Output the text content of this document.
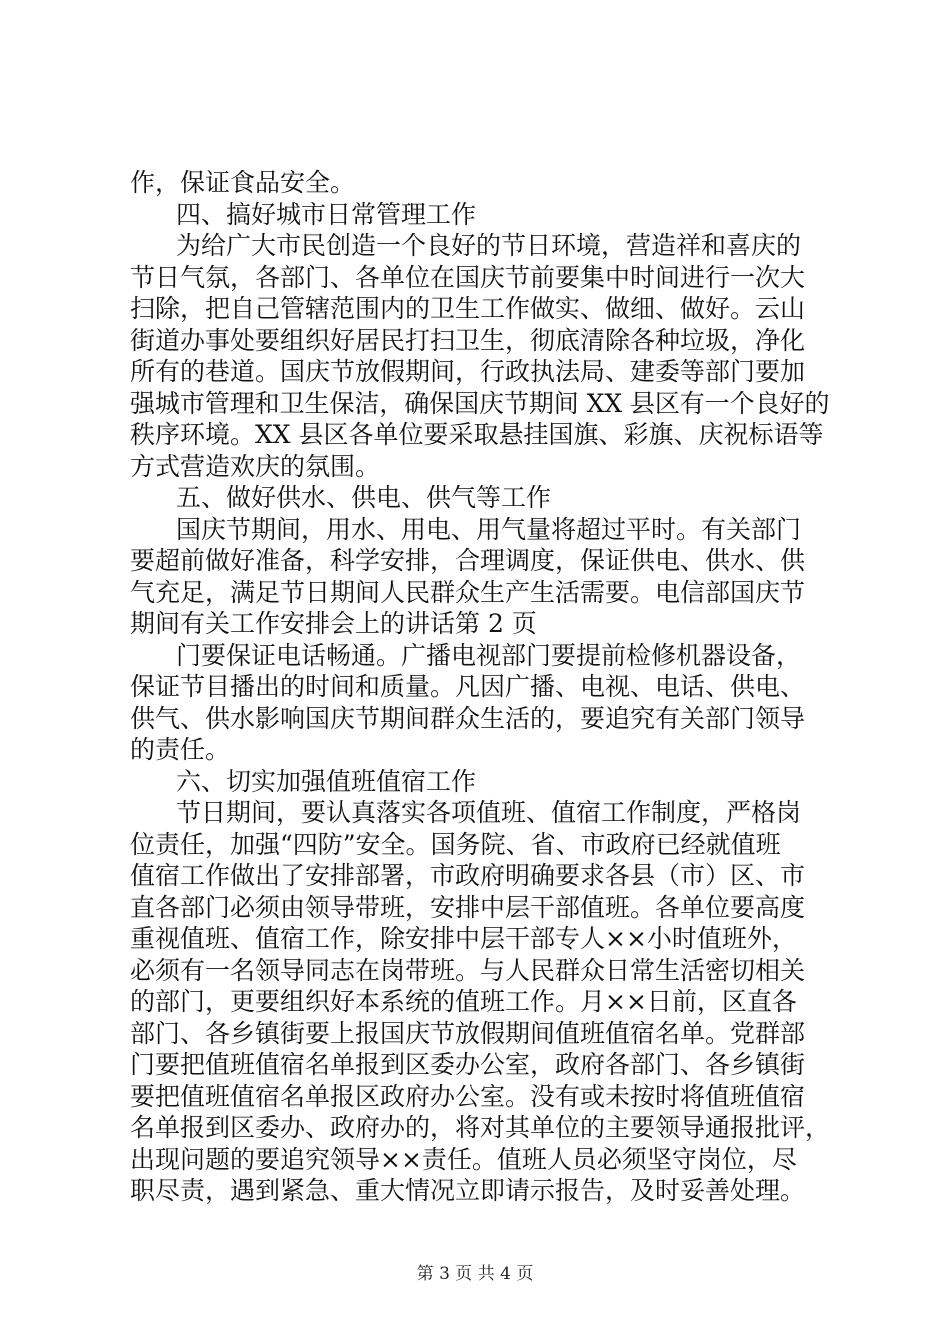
作，保证食品安全。
四、搞好城市日常管理工作
为给广大市民创造一个良好的节日环境，营造祥和喜庆的
节日气氛，各部门、各单位在国庆节前要集中时间进行一次大
扫除，把自己管辖范围内的卫生工作做实、做细、做好。云山
街道办事处要组织好居民打扫卫生，彻底清除各种垃圾，净化
所有的巷道。国庆节放假期间，行政执法局、建委等部门要加
强城市管理和卫生保洁，确保国庆节期间 XX 县区有一个良好的
秩序环境。XX 县区各单位要采取悬挂国旗、彩旗、庆祝标语等
方式营造欢庆的氛围。
五、做好供水、供电、供气等工作
国庆节期间，用水、用电、用气量将超过平时。有关部门
要超前做好准备，科学安排，合理调度，保证供电、供水、供
气充足，满足节日期间人民群众生产生活需要。电信部国庆节
期间有关工作安排会上的讲话第 2 页
门要保证电话畅通。广播电视部门要提前检修机器设备，
保证节目播出的时间和质量。凡因广播、电视、电话、供电、
供气、供水影响国庆节期间群众生活的，要追究有关部门领导
的责任。
六、切实加强值班值宿工作
节日期间，要认真落实各项值班、值宿工作制度，严格岗
位责任，加强“四防”安全。国务院、省、市政府已经就值班
值宿工作做出了安排部署，市政府明确要求各县（市）区、市
直各部门必须由领导带班，安排中层干部值班。各单位要高度
重视值班、值宿工作，除安排中层干部专人××小时值班外，
必须有一名领导同志在岗带班。与人民群众日常生活密切相关
的部门，更要组织好本系统的值班工作。月××日前，区直各
部门、各乡镇街要上报国庆节放假期间值班值宿名单。党群部
门要把值班值宿名单报到区委办公室，政府各部门、各乡镇街
要把值班值宿名单报区政府办公室。没有或未按时将值班值宿
名单报到区委办、政府办的，将对其单位的主要领导通报批评，
出现问题的要追究领导××责任。值班人员必须坚守岗位，尽
职尽责，遇到紧急、重大情况立即请示报告，及时妥善处理。
第 3 页 共 4 页
